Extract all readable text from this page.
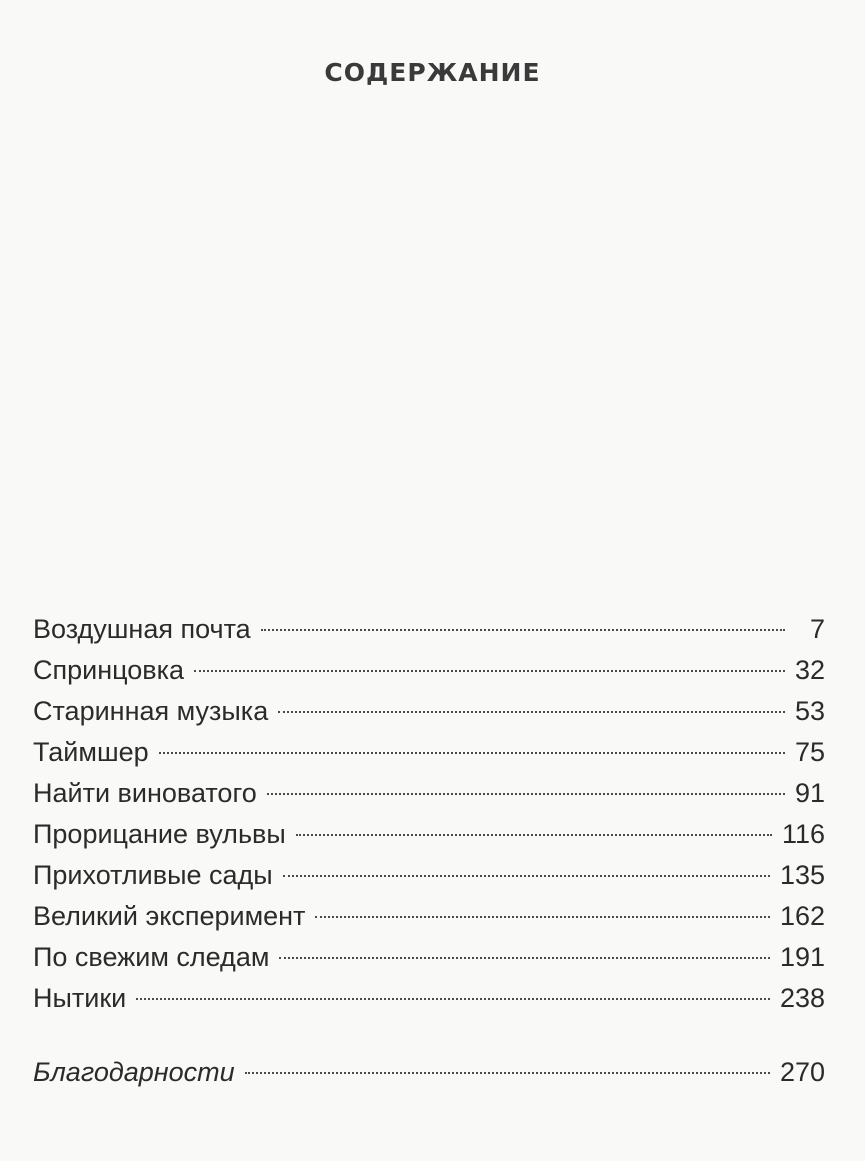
СОДЕРЖАНИЕ
Воздушная почта	7
Спринцовка	32
Старинная музыка	53
Таймшер	75
Найти виноватого	91
Прорицание вульвы	116
Прихотливые сады	135
Великий эксперимент	162
По свежим следам	191
Нытики	238
Благодарности	270
